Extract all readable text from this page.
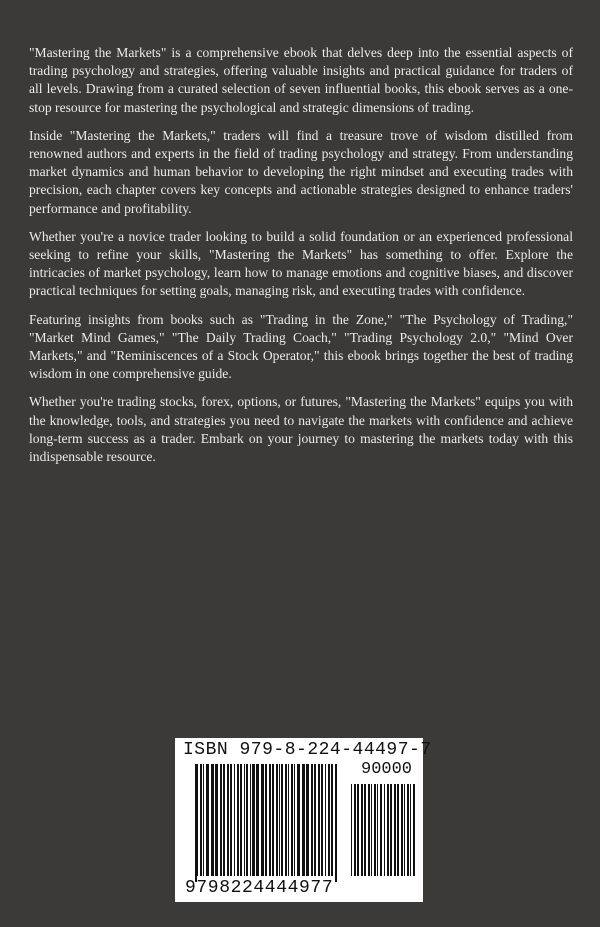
"Mastering the Markets" is a comprehensive ebook that delves deep into the essential aspects of trading psychology and strategies, offering valuable insights and practical guidance for traders of all levels. Drawing from a curated selection of seven influential books, this ebook serves as a one-stop resource for mastering the psychological and strategic dimensions of trading.

Inside "Mastering the Markets," traders will find a treasure trove of wisdom distilled from renowned authors and experts in the field of trading psychology and strategy. From understanding market dynamics and human behavior to developing the right mindset and executing trades with precision, each chapter covers key concepts and actionable strategies designed to enhance traders' performance and profitability.

Whether you're a novice trader looking to build a solid foundation or an experienced professional seeking to refine your skills, "Mastering the Markets" has something to offer. Explore the intricacies of market psychology, learn how to manage emotions and cognitive biases, and discover practical techniques for setting goals, managing risk, and executing trades with confidence.

Featuring insights from books such as "Trading in the Zone," "The Psychology of Trading," "Market Mind Games," "The Daily Trading Coach," "Trading Psychology 2.0," "Mind Over Markets," and "Reminiscences of a Stock Operator," this ebook brings together the best of trading wisdom in one comprehensive guide.

Whether you're trading stocks, forex, options, or futures, "Mastering the Markets" equips you with the knowledge, tools, and strategies you need to navigate the markets with confidence and achieve long-term success as a trader. Embark on your journey to mastering the markets today with this indispensable resource.

ISBN 979-8-224-44497-7
90000
9798224444977
